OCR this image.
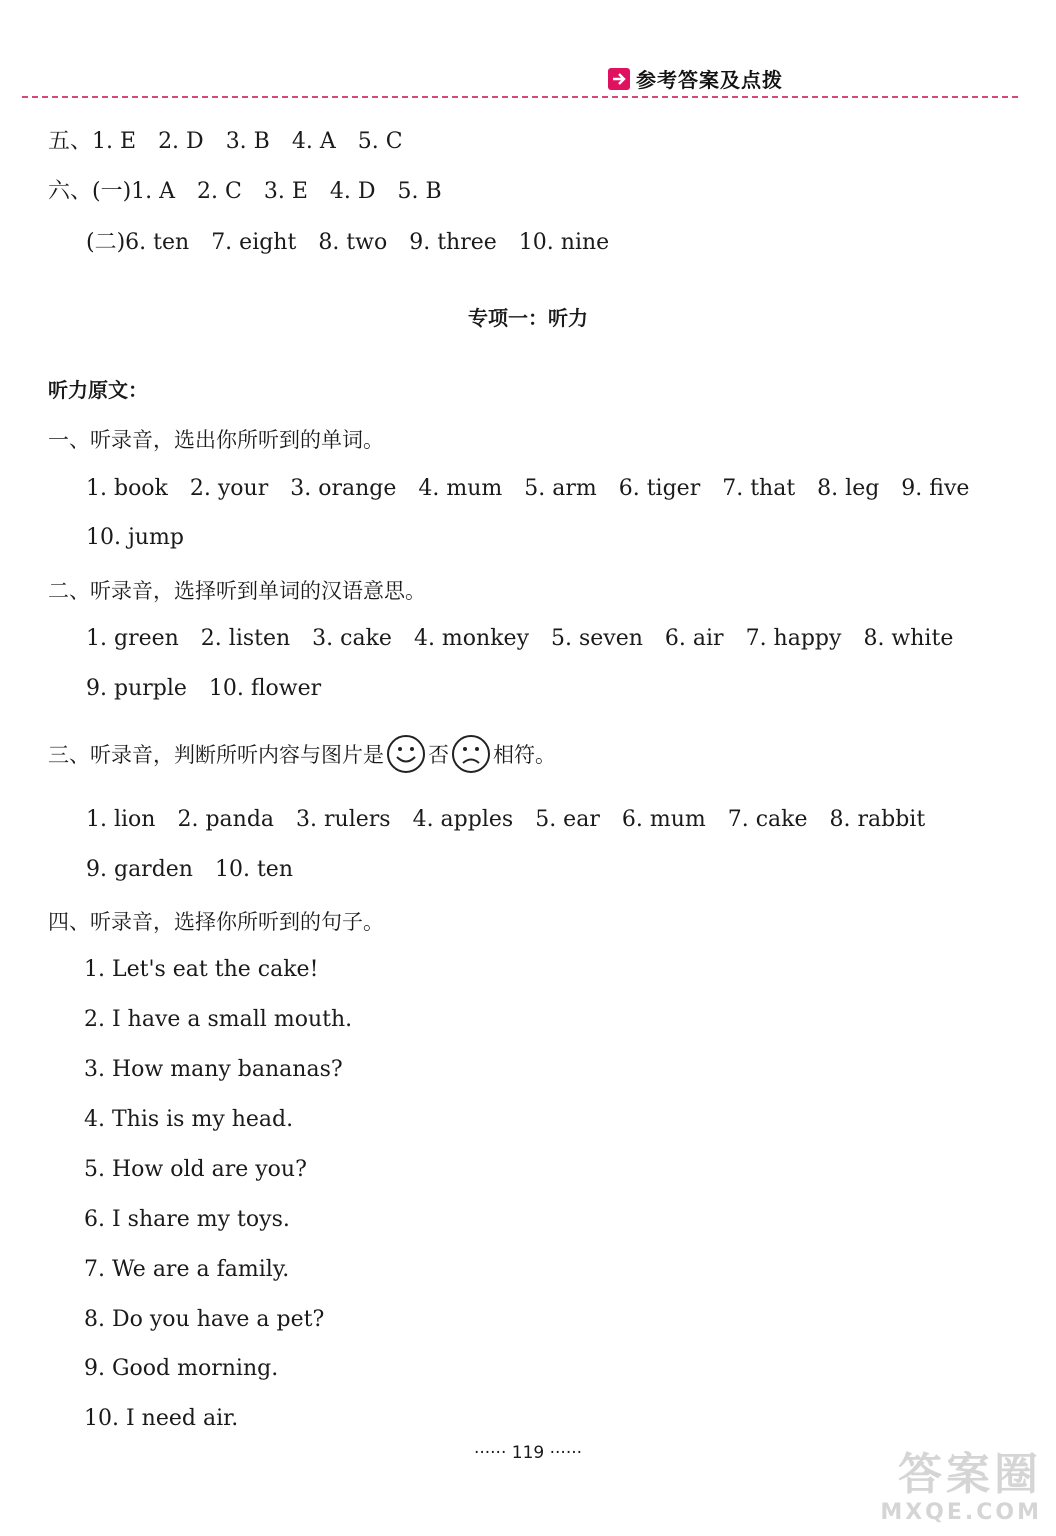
参考答案及点拨
五、1. E 2. D 3. B 4. A 5. C
六、(一)1. A 2. C 3. E 4. D 5. B
(二)6. ten 7. eight 8. two 9. three 10. nine
专项一：听力
听力原文：
一、听录音，选出你所听到的单词。
1. book 2. your 3. orange 4. mum 5. arm 6. tiger 7. that 8. leg 9. five
10. jump
二、听录音，选择听到单词的汉语意思。
1. green 2. listen 3. cake 4. monkey 5. seven 6. air 7. happy 8. white
9. purple 10. flower
三、听录音，判断所听内容与图片是 否 相符。
1. lion 2. panda 3. rulers 4. apples 5. ear 6. mum 7. cake 8. rabbit
9. garden 10. ten
四、听录音，选择你所听到的句子。
1. Let's eat the cake!
2. I have a small mouth.
3. How many bananas?
4. This is my head.
5. How old are you?
6. I share my toys.
7. We are a family.
8. Do you have a pet?
9. Good morning.
10. I need air.
······ 119 ······	答案圈
MXQE.COM
